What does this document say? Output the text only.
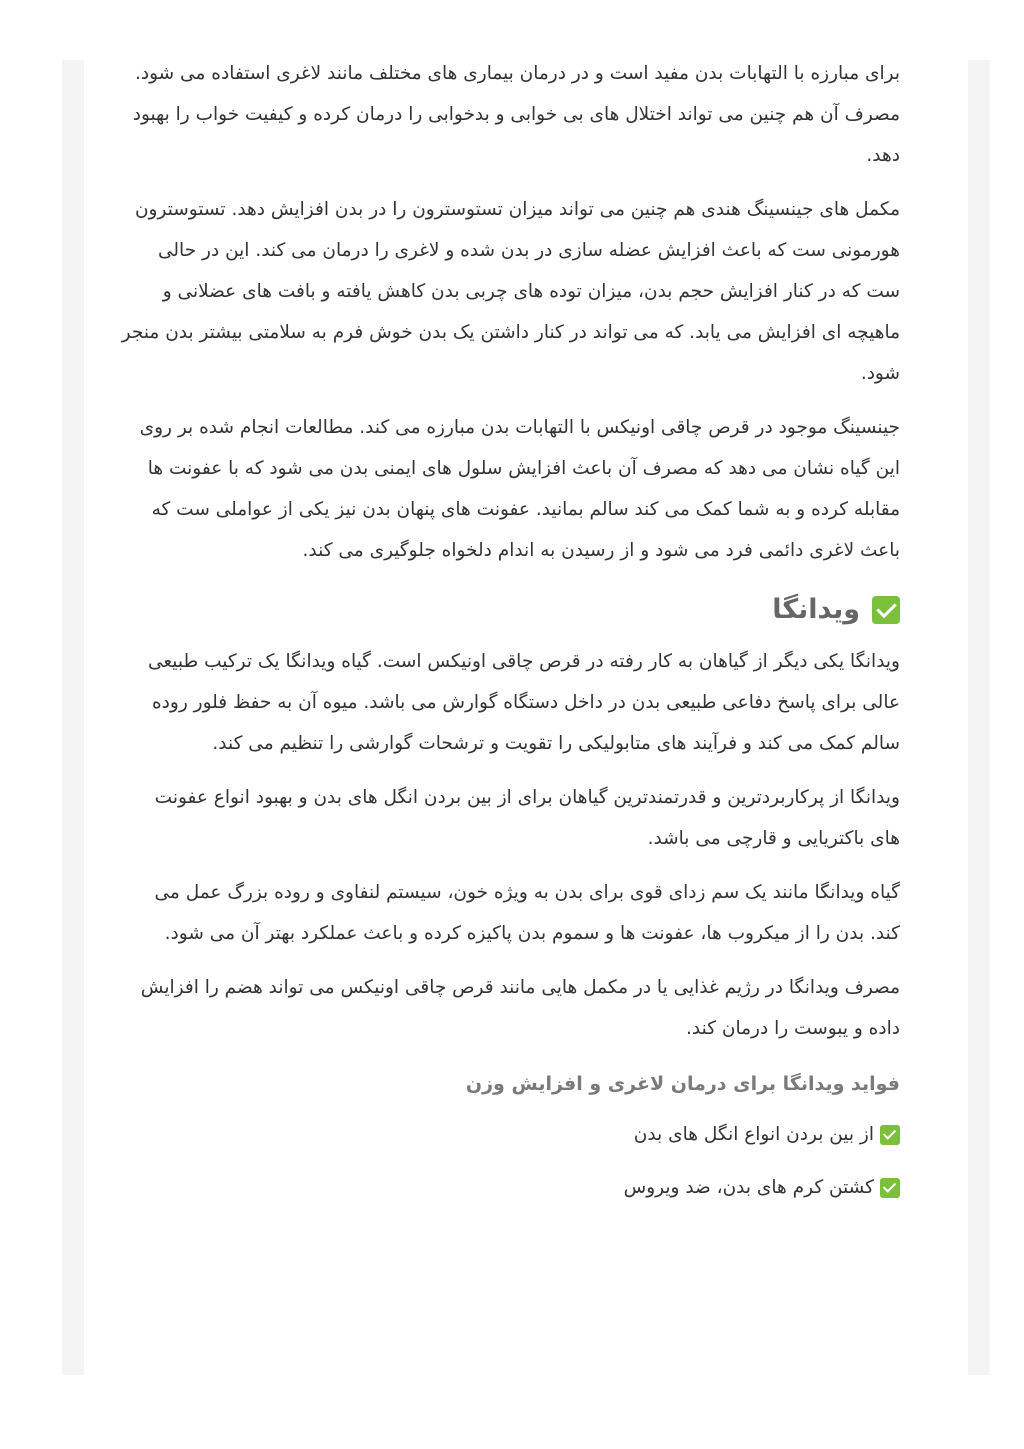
برای مبارزه با التهابات بدن مفید است و در درمان بیماری های مختلف مانند لاغری استفاده می شود. مصرف آن هم چنین می تواند اختلال های بی خوابی و بدخوابی را درمان کرده و کیفیت خواب را بهبود دهد.

مکمل های جینسینگ هندی هم چنین می تواند میزان تستوسترون را در بدن افزایش دهد. تستوسترون هورمونی ست که باعث افزایش عضله سازی در بدن شده و لاغری را درمان می کند. این در حالی ست که در کنار افزایش حجم بدن، میزان توده های چربی بدن کاهش یافته و بافت های عضلانی و ماهیچه ای افزایش می یابد. که می تواند در کنار داشتن یک بدن خوش فرم به سلامتی بیشتر بدن منجر شود.

جینسینگ موجود در قرص چاقی اونیکس با التهابات بدن مبارزه می کند. مطالعات انجام شده بر روی این گیاه نشان می دهد که مصرف آن باعث افزایش سلول های ایمنی بدن می شود که با عفونت ها مقابله کرده و به شما کمک می کند سالم بمانید. عفونت های پنهان بدن نیز یکی از عواملی ست که باعث لاغری دائمی فرد می شود و از رسیدن به اندام دلخواه جلوگیری می کند.

ویدانگا

ویدانگا یکی دیگر از گیاهان به کار رفته در قرص چاقی اونیکس است. گیاه ویدانگا یک ترکیب طبیعی عالی برای پاسخ دفاعی طبیعی بدن در داخل دستگاه گوارش می باشد. میوه آن به حفظ فلور روده سالم کمک می کند و فرآیند های متابولیکی را تقویت و ترشحات گوارشی را تنظیم می کند.

ویدانگا از پرکاربردترین و قدرتمندترین گیاهان برای از بین بردن انگل های بدن و بهبود انواع عفونت های باکتریایی و قارچی می باشد.

گیاه ویدانگا مانند یک سم زدای قوی برای بدن به ویژه خون، سیستم لنفاوی و روده بزرگ عمل می کند. بدن را از میکروب ها، عفونت ها و سموم بدن پاکیزه کرده و باعث عملکرد بهتر آن می شود.

مصرف ویدانگا در رژیم غذایی یا در مکمل هایی مانند قرص چاقی اونیکس می تواند هضم را افزایش داده و یبوست را درمان کند.

فواید ویدانگا برای درمان لاغری و افزایش وزن
از بین بردن انواع انگل های بدن
کشتن کرم های بدن، ضد ویروس
